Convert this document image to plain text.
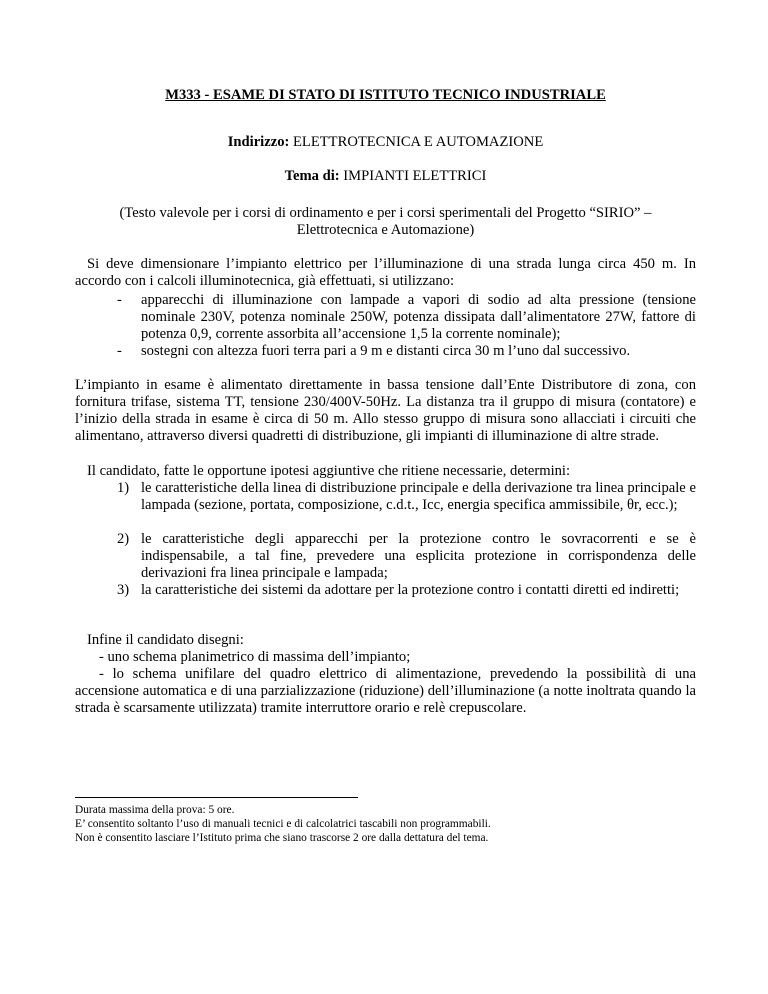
M333 - ESAME DI STATO DI ISTITUTO TECNICO INDUSTRIALE
Indirizzo: ELETTROTECNICA E AUTOMAZIONE
Tema di: IMPIANTI ELETTRICI
(Testo valevole per i corsi di ordinamento e per i corsi sperimentali del Progetto “SIRIO” –
Elettrotecnica e Automazione)

Si deve dimensionare l’impianto elettrico per l’illuminazione di una strada lunga circa 450 m. In accordo con i calcoli illuminotecnica, già effettuati, si utilizzano:

- apparecchi di illuminazione con lampade a vapori di sodio ad alta pressione (tensione nominale 230V, potenza nominale 250W, potenza dissipata dall’alimentatore 27W, fattore di potenza 0,9, corrente assorbita all’accensione 1,5 la corrente nominale);

- sostegni con altezza fuori terra pari a 9 m e distanti circa 30 m l’uno dal successivo.

L’impianto in esame è alimentato direttamente in bassa tensione dall’Ente Distributore di zona, con fornitura trifase, sistema TT, tensione 230/400V-50Hz. La distanza tra il gruppo di misura (contatore) e l’inizio della strada in esame è circa di 50 m. Allo stesso gruppo di misura sono allacciati i circuiti che alimentano, attraverso diversi quadretti di distribuzione, gli impianti di illuminazione di altre strade.

Il candidato, fatte le opportune ipotesi aggiuntive che ritiene necessarie, determini:

1) le caratteristiche della linea di distribuzione principale e della derivazione tra linea principale e lampada (sezione, portata, composizione, c.d.t., Icc, energia specifica ammissibile, θr, ecc.);

2) le caratteristiche degli apparecchi per la protezione contro le sovracorrenti e se è indispensabile, a tal fine, prevedere una esplicita protezione in corrispondenza delle derivazioni fra linea principale e lampada;

3) la caratteristiche dei sistemi da adottare per la protezione contro i contatti diretti ed indiretti;

Infine il candidato disegni:

- uno schema planimetrico di massima dell’impianto;

- lo schema unifilare del quadro elettrico di alimentazione, prevedendo la possibilità di una accensione automatica e di una parzializzazione (riduzione) dell’illuminazione (a notte inoltrata quando la strada è scarsamente utilizzata) tramite interruttore orario e relè crepuscolare.

Durata massima della prova: 5 ore.
E’ consentito soltanto l’uso di manuali tecnici e di calcolatrici tascabili non programmabili.
Non è consentito lasciare l’Istituto prima che siano trascorse 2 ore dalla dettatura del tema.
